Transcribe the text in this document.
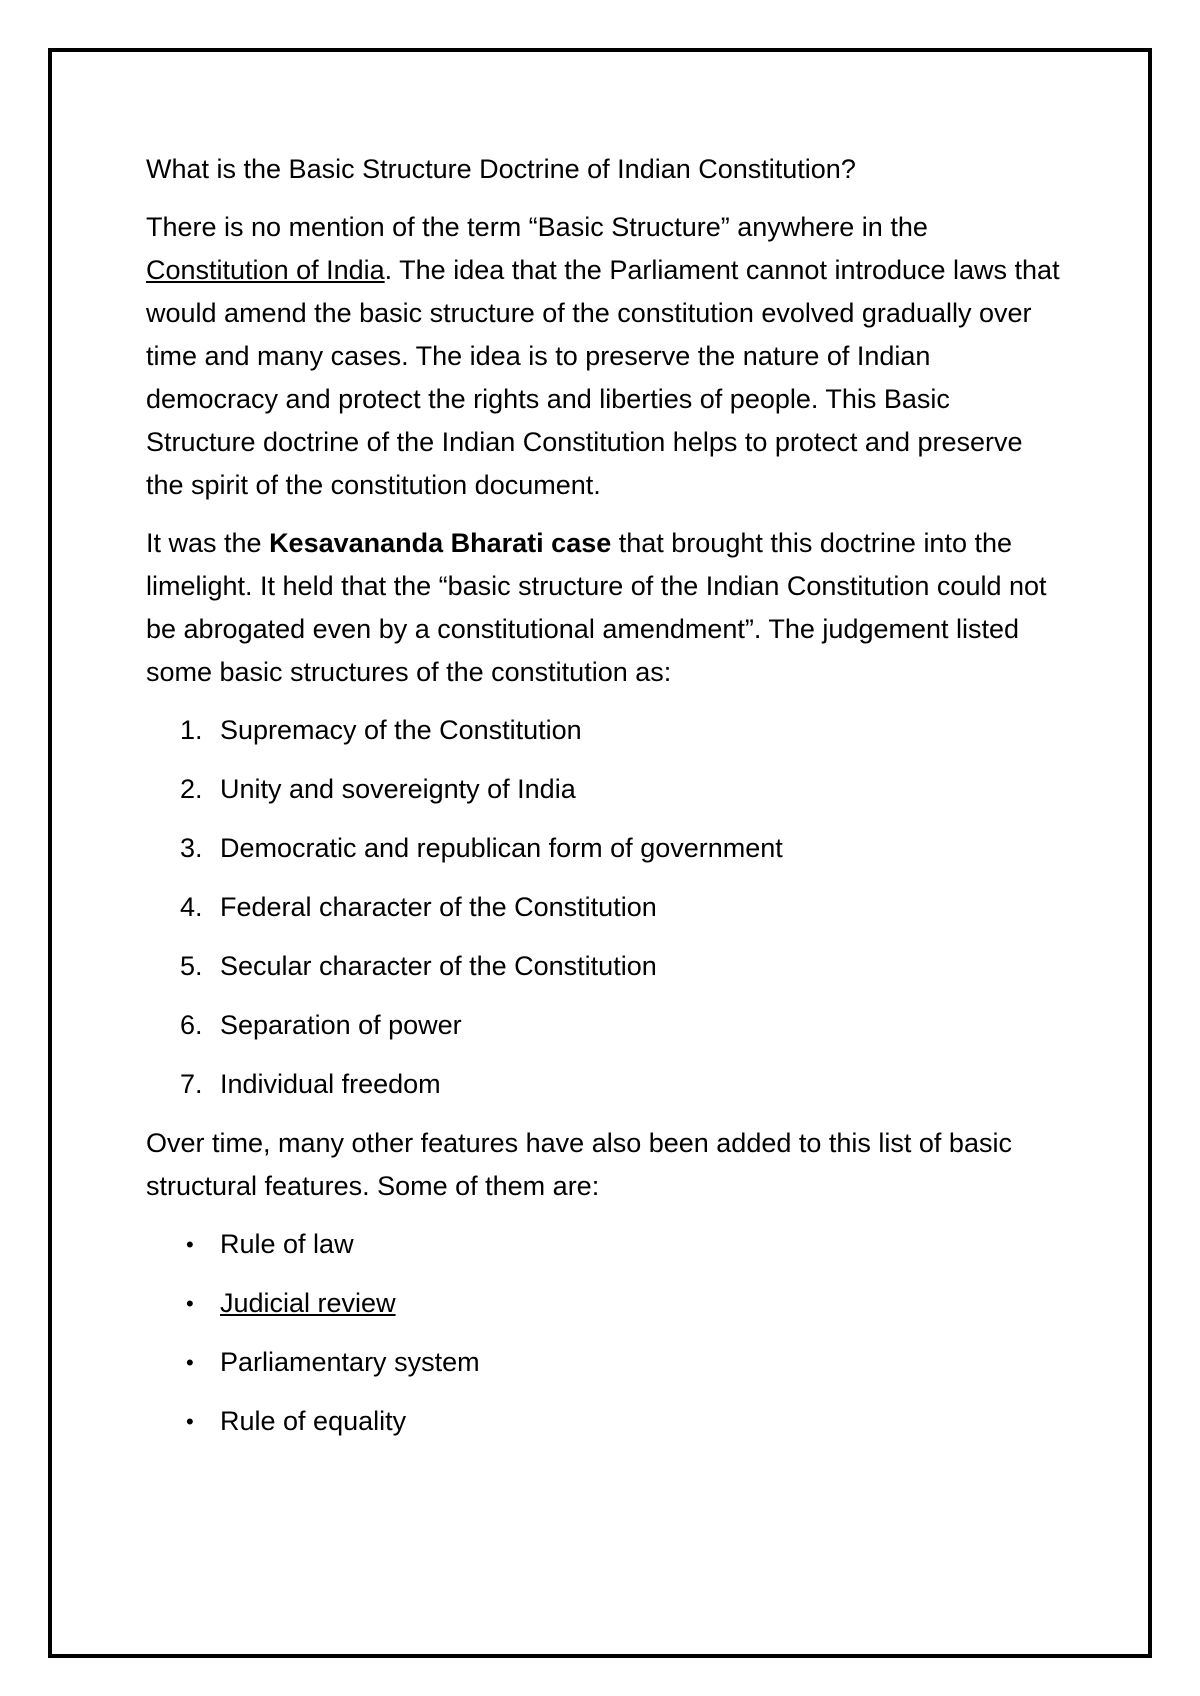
What is the Basic Structure Doctrine of Indian Constitution?

There is no mention of the term “Basic Structure” anywhere in the Constitution of India. The idea that the Parliament cannot introduce laws that would amend the basic structure of the constitution evolved gradually over time and many cases. The idea is to preserve the nature of Indian democracy and protect the rights and liberties of people. This Basic Structure doctrine of the Indian Constitution helps to protect and preserve the spirit of the constitution document.

It was the Kesavananda Bharati case that brought this doctrine into the limelight. It held that the “basic structure of the Indian Constitution could not be abrogated even by a constitutional amendment”. The judgement listed some basic structures of the constitution as:

1. Supremacy of the Constitution
2. Unity and sovereignty of India
3. Democratic and republican form of government
4. Federal character of the Constitution
5. Secular character of the Constitution
6. Separation of power
7. Individual freedom

Over time, many other features have also been added to this list of basic structural features. Some of them are:

• Rule of law
• Judicial review
• Parliamentary system
• Rule of equality
